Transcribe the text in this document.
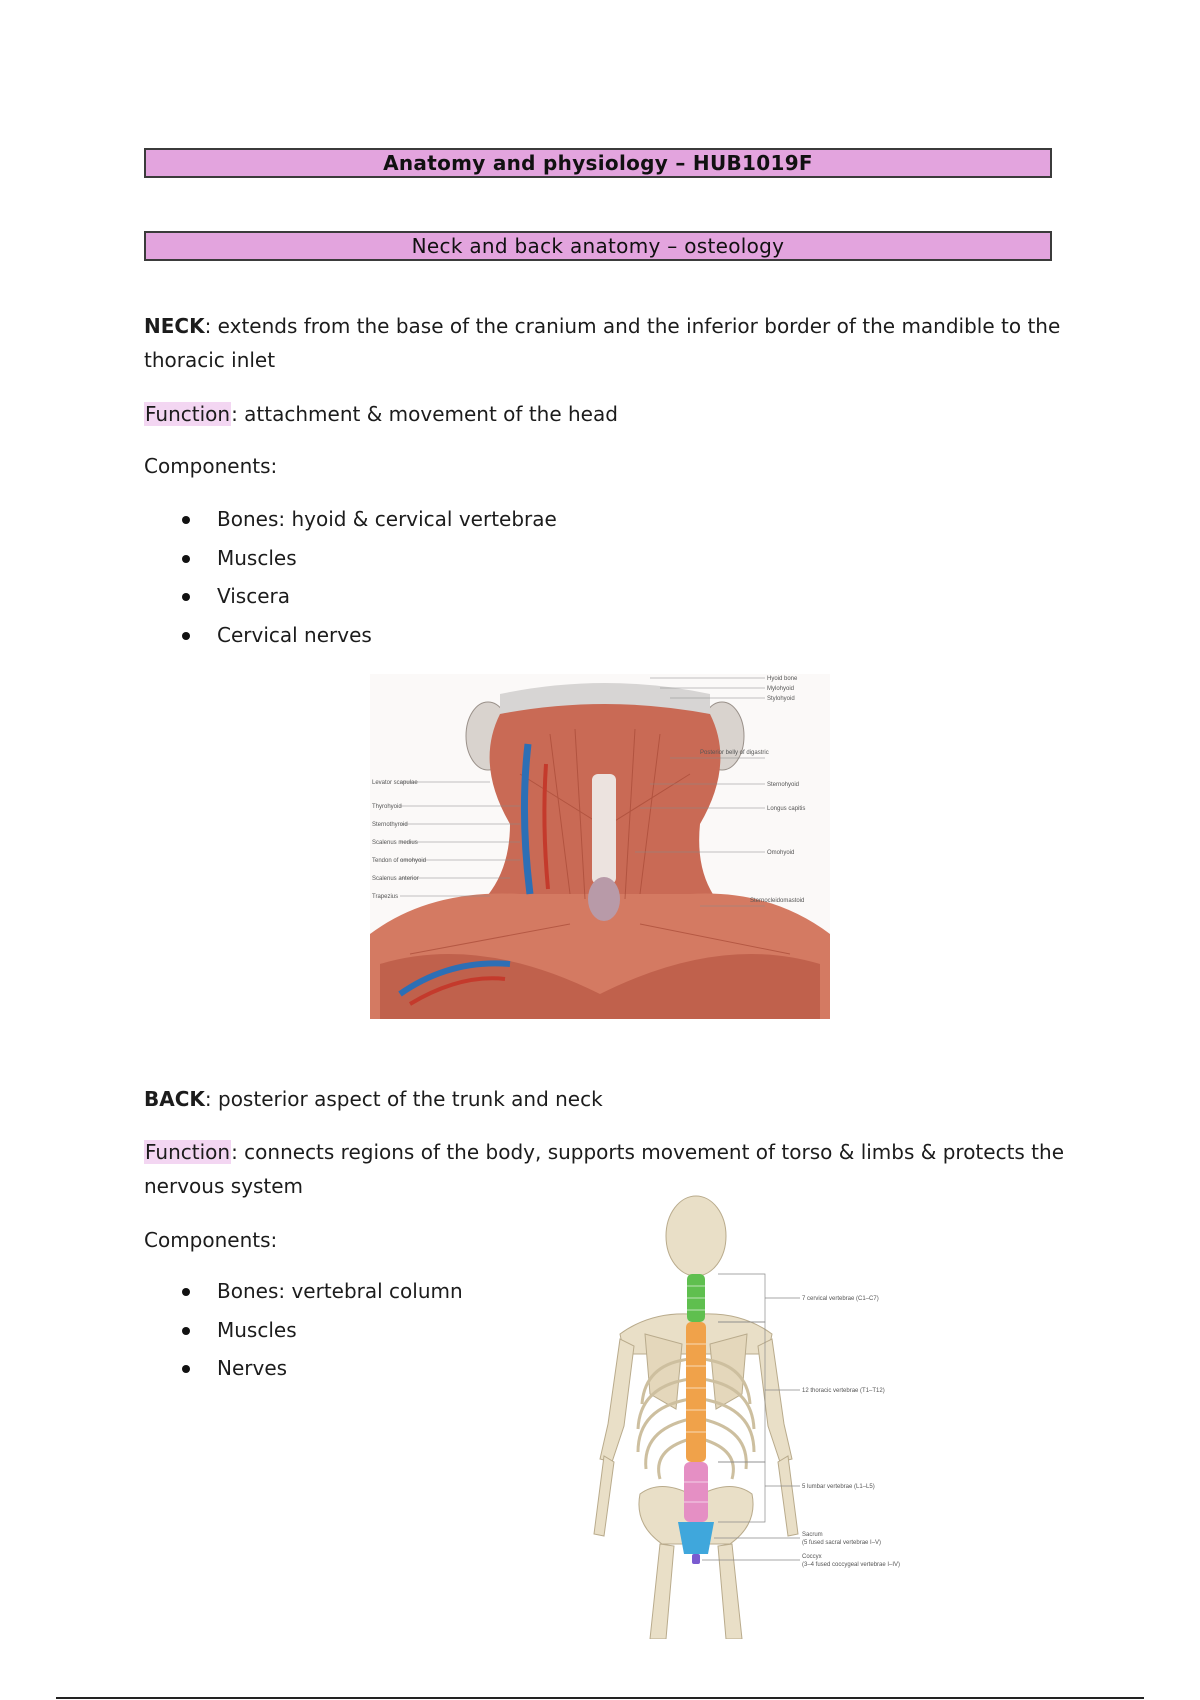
Anatomy and physiology – HUB1019F
Neck and back anatomy – osteology

NECK: extends from the base of the cranium and the inferior border of the mandible to the thoracic inlet

Function: attachment & movement of the head

Components:

Bones: hyoid & cervical vertebrae
Muscles
Viscera
Cervical nerves
Hyoid bone
Mylohyoid
Stylohyoid
Posterior belly of digastric
Sternohyoid
Longus capitis
Omohyoid
Sternocleidomastoid
Levator scapulae
Thyrohyoid
Sternothyroid
Scalenus medius
Tendon of omohyoid
Scalenus anterior
Trapezius

BACK: posterior aspect of the trunk and neck

Function: connects regions of the body, supports movement of torso & limbs & protects the nervous system

Components:

Bones: vertebral column
Muscles
Nerves
7 cervical vertebrae (C1–C7)
12 thoracic vertebrae (T1–T12)
5 lumbar vertebrae (L1–L5)
Sacrum
(5 fused sacral vertebrae I–V)
Coccyx
(3–4 fused coccygeal vertebrae I–IV)
